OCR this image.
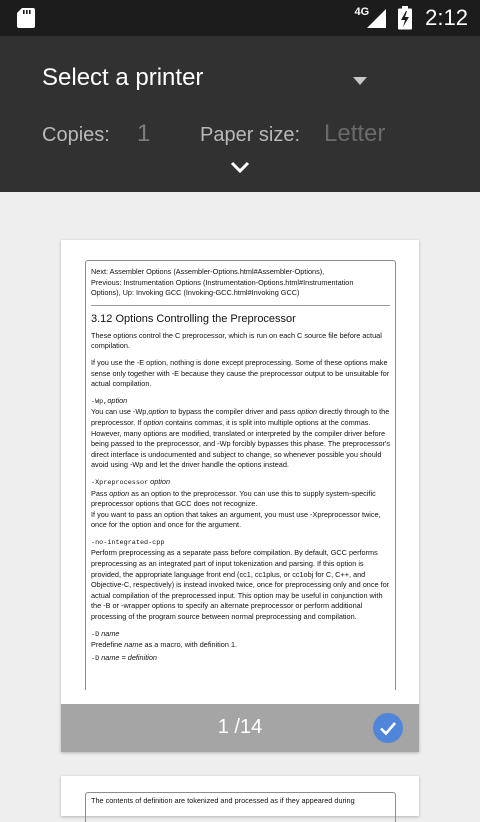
4G	2:12
Select a printer
Copies: 1	Paper size: Letter
Next: Assembler Options (Assembler-Options.html#Assembler-Options),
Previous: Instrumentation Options (Instrumentation-Options.html#Instrumentation
Options), Up: Invoking GCC (Invoking-GCC.html#Invoking GCC)
3.12 Options Controlling the Preprocessor

These options control the C preprocessor, which is run on each C source file before actual compilation.

If you use the -E option, nothing is done except preprocessing. Some of these options make sense only together with -E because they cause the preprocessor output to be unsuitable for actual compilation.

-Wp,option

You can use -Wp,option to bypass the compiler driver and pass option directly through to the preprocessor. If option contains commas, it is split into multiple options at the commas. However, many options are modified, translated or interpreted by the compiler driver before being passed to the preprocessor, and -Wp forcibly bypasses this phase. The preprocessor's direct interface is undocumented and subject to change, so whenever possible you should avoid using -Wp and let the driver handle the options instead.

-Xpreprocessor option
Pass option as an option to the preprocessor. You can use this to supply system-specific preprocessor options that GCC does not recognize.

If you want to pass an option that takes an argument, you must use -Xpreprocessor twice, once for the option and once for the argument.

-no-integrated-cpp

Perform preprocessing as a separate pass before compilation. By default, GCC performs preprocessing as an integrated part of input tokenization and parsing. If this option is provided, the appropriate language front end (cc1, cc1plus, or cc1obj for C, C++, and Objective-C, respectively) is instead invoked twice, once for preprocessing only and once for actual compilation of the preprocessed input. This option may be useful in conjunction with the -B or -wrapper options to specify an alternate preprocessor or perform additional processing of the program source between normal preprocessing and compilation.

-D name
Predefine name as a macro, with definition 1.
-D name = definition
1 /14
The contents of definition are tokenized and processed as if they appeared during
